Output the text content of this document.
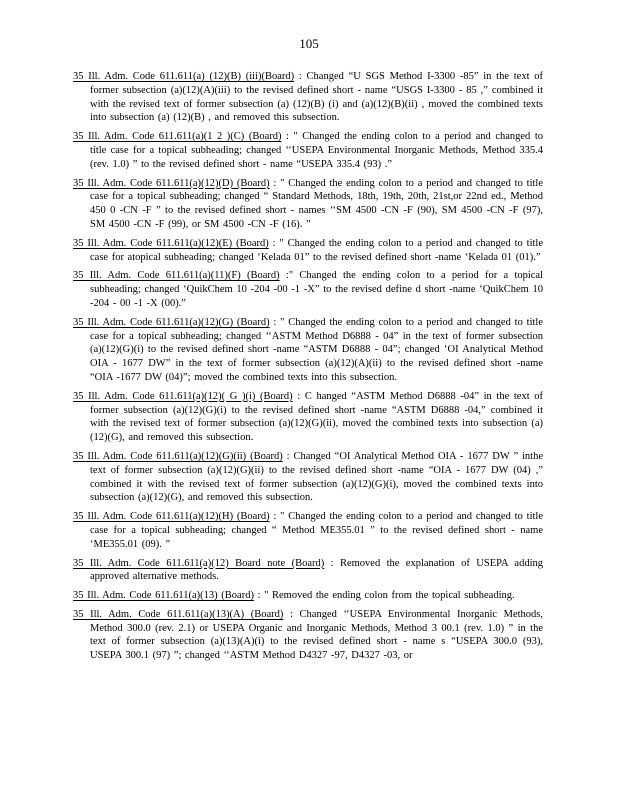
105

35 Ill. Adm. Code 611.611(a) (12)(B) (iii)(Board) : Changed “U SGS Method I-3300 -85” in the text of former subsection (a)(12)(A)(iii) to the revised defined short - name “USGS I-3300 - 85 ,” combined it with the revised text of former subsection (a) (12)(B) (i) and (a)(12)(B)(ii) , moved the combined texts into subsection (a) (12)(B) , and removed this subsection.

35 Ill. Adm. Code 611.611(a)(1 2 )(C) (Board) : " Changed the ending colon to a period and changed to title case for a topical subheading; changed ‘‘USEPA Environmental Inorganic Methods, Method 335.4 (rev. 1.0) ” to the revised defined short - name “USEPA 335.4 (93) .”

35 Ill. Adm. Code 611.611(a)(12)(D) (Board) : " Changed the ending colon to a period and changed to title case for a topical subheading; changed “ Standard Methods, 18th, 19th, 20th, 21st,or 22nd ed., Method 450 0 -CN -F ” to the revised defined short - names ‘‘SM 4500 -CN -F (90), SM 4500 -CN -F (97), SM 4500 -CN -F (99), or SM 4500 -CN -F (16). ”

35 Ill. Adm. Code 611.611(a)(12)(E) (Board) : " Changed the ending colon to a period and changed to title case for atopical subheading; changed ‘Kelada 01” to the revised defined short -name ‘Kelada 01 (01).”

35 Ill. Adm. Code 611.611(a)(11)(F) (Board) :" Changed the ending colon to a period for a topical subheading; changed ‘QuikChem 10 -204 -00 -1 -X” to the revised define d short -name ‘QuikChem 10 -204 - 00 -1 -X (00).”

35 Ill. Adm. Code 611.611(a)(12)(G) (Board) : " Changed the ending colon to a period and changed to title case for a topical subheading; changed ‘‘ASTM Method D6888 - 04” in the text of former subsection (a)(12)(G)(i) to the revised defined short -name “ASTM D6888 - 04”; changed ‘OI Analytical Method OIA - 1677 DW” in the text of former subsection (a)(12)(A)(ii) to the revised defined short -name “OIA -1677 DW (04)”; moved the combined texts into this subsection.

35 Ill. Adm. Code 611.611(a)(12)( G )(i) (Board) : C hanged “ASTM Method D6888 -04” in the text of former subsection (a)(12)(G)(i) to the revised defined short -name “ASTM D6888 -04,” combined it with the revised text of former subsection (a)(12)(G)(ii), moved the combined texts into subsection (a)(12)(G), and removed this subsection.

35 Ill. Adm. Code 611.611(a)(12)(G)(ii) (Board) : Changed “OI Analytical Method OIA - 1677 DW ” inthe text of former subsection (a)(12)(G)(ii) to the revised defined short -name “OIA - 1677 DW (04) ,” combined it with the revised text of former subsection (a)(12)(G)(i), moved the combined texts into subsection (a)(12)(G), and removed this subsection.

35 Ill. Adm. Code 611.611(a)(12)(H) (Board) : " Changed the ending colon to a period and changed to title case for a topical subheading; changed “ Method ME355.01 ” to the revised defined short - name ‘ME355.01 (09). ”

35 Ill. Adm. Code 611.611(a)(12) Board note (Board) : Removed the explanation of USEPA adding approved alternative methods.

35 Ill. Adm. Code 611.611(a)(13) (Board) : " Removed the ending colon from the topical subheading.

35 Ill. Adm. Code 611.611(a)(13)(A) (Board) : Changed ‘‘USEPA Environmental Inorganic Methods, Method 300.0 (rev. 2.1) or USEPA Organic and Inorganic Methods, Method 3 00.1 (rev. 1.0) ” in the text of former subsection (a)(13)(A)(i) to the revised defined short - name s “USEPA 300.0 (93), USEPA 300.1 (97) ”; changed ‘‘ASTM Method D4327 -97, D4327 -03, or
